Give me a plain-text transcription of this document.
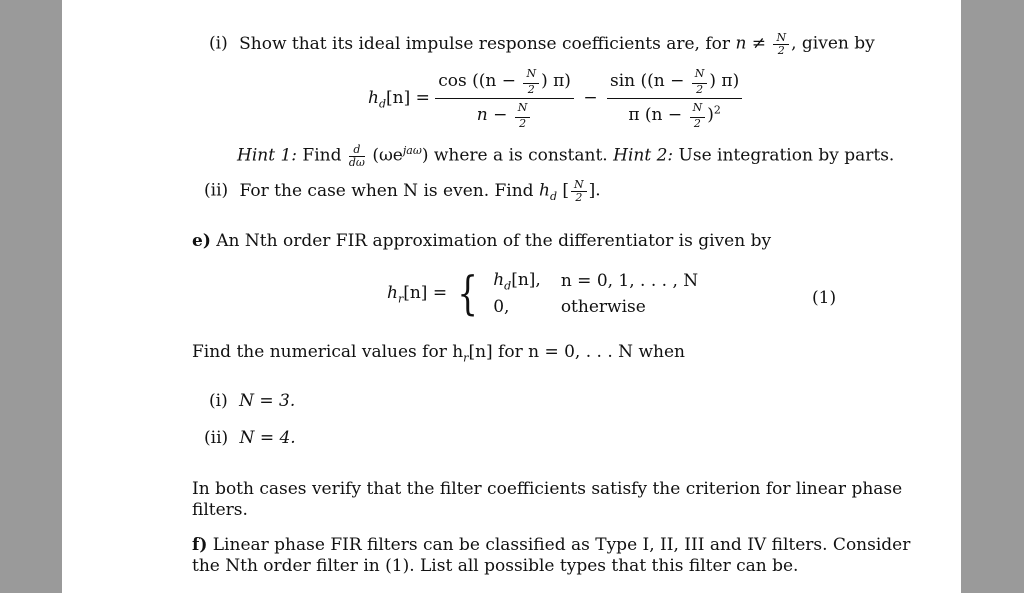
(i) Show that its ideal impulse response coefficients are, for $n \ne \frac{N}{2}$ , given by
$h_d[n] = \frac{\cos ((n - \frac{N}{2} ) \pi)}{n - \frac{N}{2}} - \frac{\sin ((n - \frac{N}{2} ) \pi)}{\pi (n - \frac{N}{2} )^2}$
Hint 1: Find $\frac{d}{d\omega} (\omega e^{ja\omega})$ where a is constant. Hint 2: Use integration by parts.
(ii) For the case when N is even. Find $h_d$ [ $\frac{N}{2}$ ].
e) An Nth order FIR approximation of the differentiator is given by
$h_r[n]$ = { $h_d[n]$,	n = 0, 1, . . . , N
0,	otherwise	(1)
Find the numerical values for $h_r[n]$ for n = 0, . . . N when
(i) N = 3.
(ii) N = 4.
In both cases verify that the filter coefficients satisfy the criterion for linear phase
filters.
f) Linear phase FIR filters can be classified as Type I, II, III and IV filters. Consider
the Nth order filter in (1). List all possible types that this filter can be.
